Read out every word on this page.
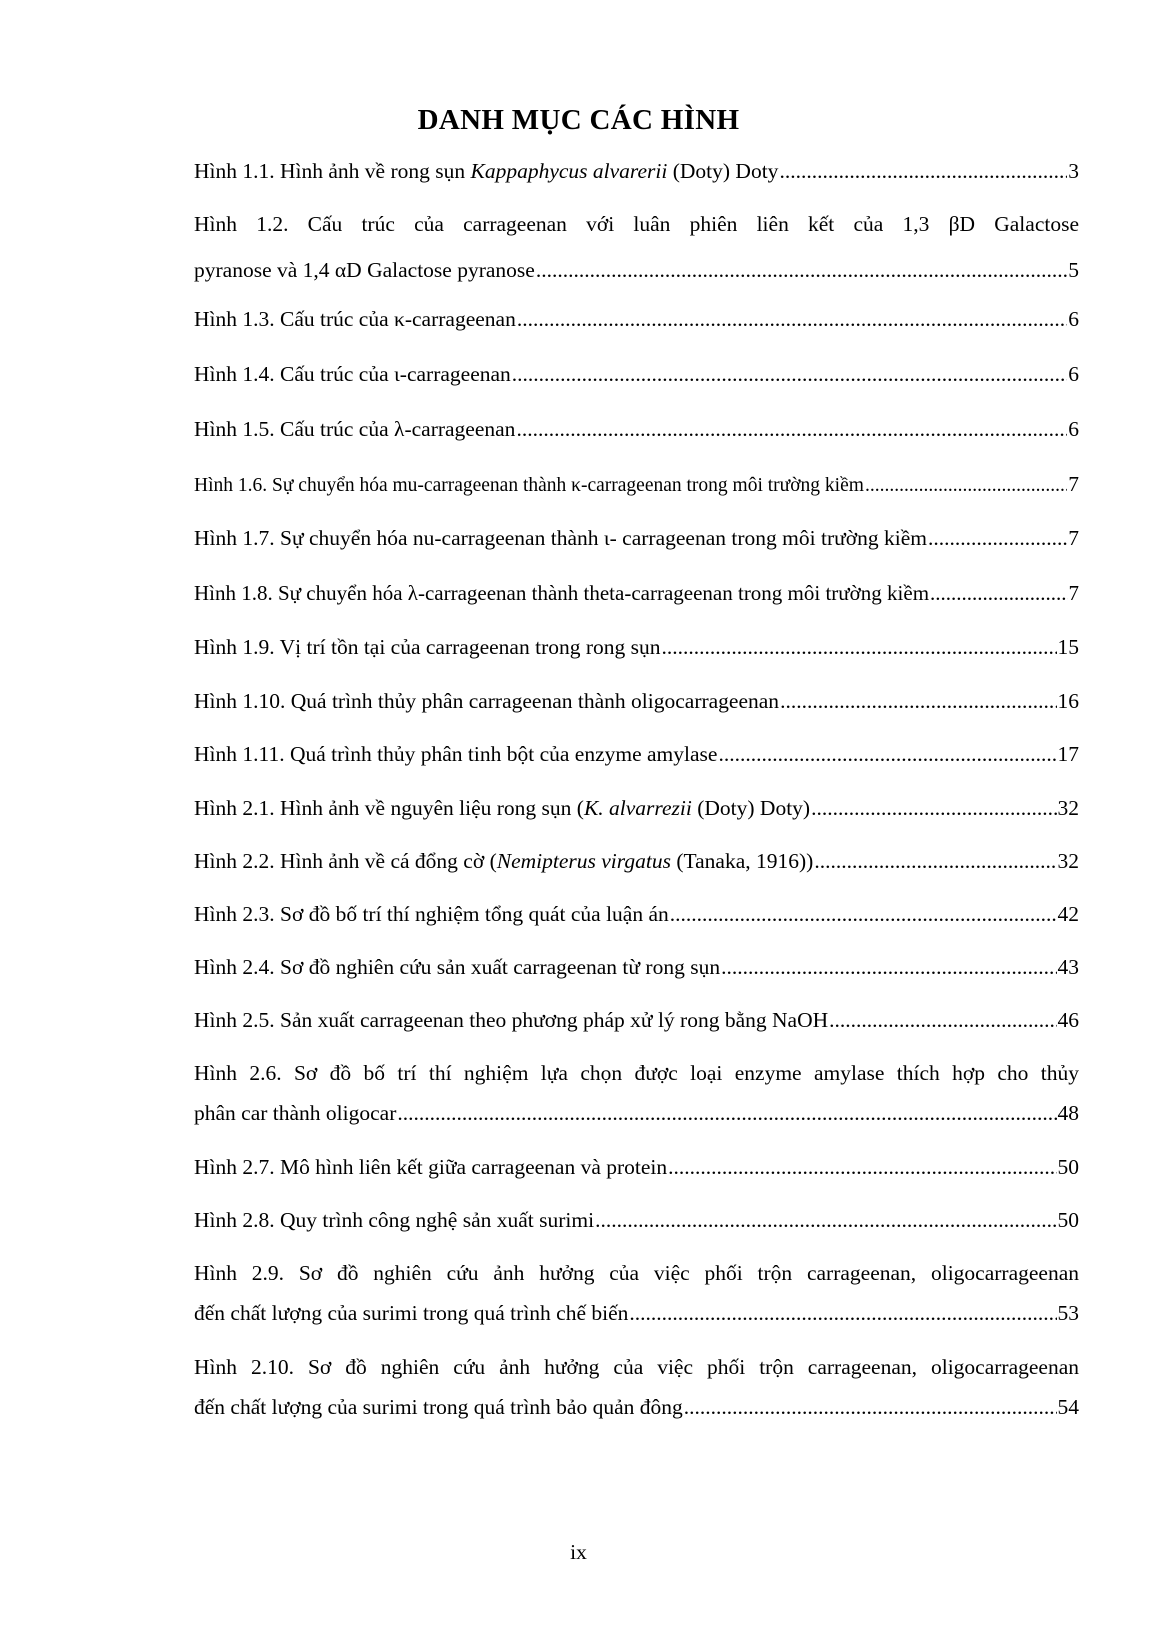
DANH MỤC CÁC HÌNH
Hình 1.1. Hình ảnh về rong sụn Kappaphycus alvarerii (Doty) Doty .....	3
Hình 1.2. Cấu trúc của carrageenan với luân phiên liên kết của 1,3 βD Galactose
pyranose và 1,4 αD Galactose pyranose .....	5
Hình 1.3. Cấu trúc của κ-carrageenan .....	6
Hình 1.4. Cấu trúc của ι-carrageenan .....	6
Hình 1.5. Cấu trúc của λ-carrageenan .....	6
Hình 1.6. Sự chuyển hóa mu-carrageenan thành κ-carrageenan trong môi trường kiềm .....	7
Hình 1.7. Sự chuyển hóa nu-carrageenan thành ι- carrageenan trong môi trường kiềm .....	7
Hình 1.8. Sự chuyển hóa λ-carrageenan thành theta-carrageenan trong môi trường kiềm .....	7
Hình 1.9. Vị trí tồn tại của carrageenan trong rong sụn .....	15
Hình 1.10. Quá trình thủy phân carrageenan thành oligocarrageenan .....	16
Hình 1.11. Quá trình thủy phân tinh bột của enzyme amylase .....	17
Hình 2.1. Hình ảnh về nguyên liệu rong sụn (K. alvarrezii (Doty) Doty) .....	32
Hình 2.2. Hình ảnh về cá đổng cờ (Nemipterus virgatus (Tanaka, 1916)) .....	32
Hình 2.3. Sơ đồ bố trí thí nghiệm tổng quát của luận án .....	42
Hình 2.4. Sơ đồ nghiên cứu sản xuất carrageenan từ rong sụn .....	43
Hình 2.5. Sản xuất carrageenan theo phương pháp xử lý rong bằng NaOH .....	46
Hình 2.6. Sơ đồ bố trí thí nghiệm lựa chọn được loại enzyme amylase thích hợp cho thủy
phân car thành oligocar .....	48
Hình 2.7. Mô hình liên kết giữa carrageenan và protein .....	50
Hình 2.8. Quy trình công nghệ sản xuất surimi .....	50
Hình 2.9. Sơ đồ nghiên cứu ảnh hưởng của việc phối trộn carrageenan, oligocarrageenan
đến chất lượng của surimi trong quá trình chế biến .....	53
Hình 2.10. Sơ đồ nghiên cứu ảnh hưởng của việc phối trộn carrageenan, oligocarrageenan
đến chất lượng của surimi trong quá trình bảo quản đông .....	54
ix
